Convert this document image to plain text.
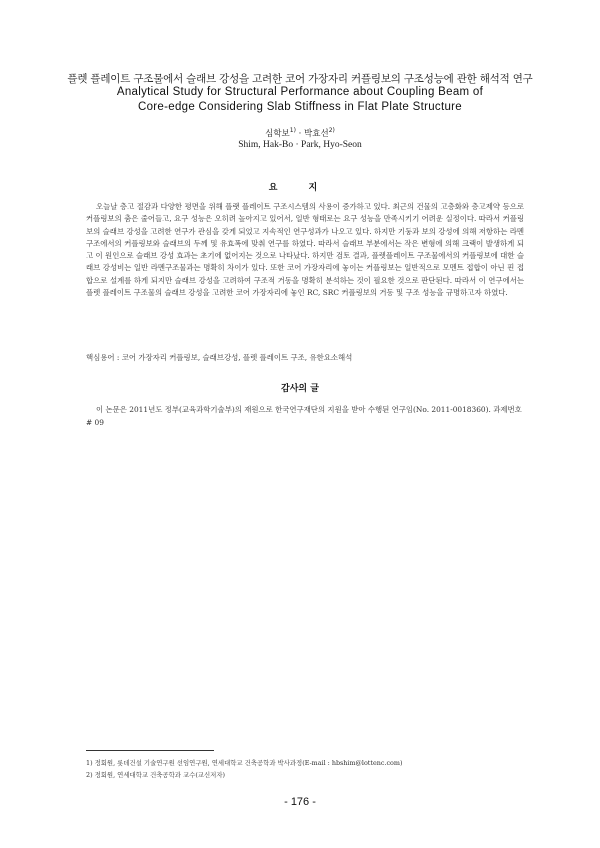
플렛 플레이트 구조물에서 슬래브 강성을 고려한 코어 가장자리 커플링보의 구조성능에 관한 해석적 연구
Analytical Study for Structural Performance about Coupling Beam of
Core-edge Considering Slab Stiffness in Flat Plate Structure
심학보$^{1)}$ · 박효선$^{2)}$
Shim, Hak-Bo · Park, Hyo-Seon
요 지

오늘날 층고 절감과 다양한 평면을 위해 플랫 플레이트 구조시스템의 사용이 증가하고 있다. 최근의 건물의 고층화와 층고제약 등으로 커플링보의 춤은 줄어들고, 요구 성능은 오히려 높아지고 있어서, 일반 형태로는 요구 성능을 만족시키기 어려운 실정이다. 따라서 커플링보의 슬래브 강성을 고려한 연구가 관심을 갖게 되었고 지속적인 연구성과가 나오고 있다. 하지만 기둥과 보의 강성에 의해 저항하는 라멘구조에서의 커플링보와 슬래브의 두께 및 유효폭에 맞춰 연구를 하였다. 따라서 슬래브 부분에서는 작은 변형에 의해 크랙이 발생하게 되고 이 원인으로 슬래브 강성 효과는 초기에 없어지는 것으로 나타났다. 하지만 검토 결과, 플렛플레이트 구조물에서의 커플링보에 대한 슬래브 강성비는 일반 라멘구조물과는 명확히 차이가 있다. 또한 코어 가장자리에 놓이는 커플링보는 일반적으로 모멘트 접합이 아닌 핀 접합으로 설계를 하게 되지만 슬래브 강성을 고려하여 구조적 거동을 명확히 분석하는 것이 필요한 것으로 판단된다. 따라서 이 연구에서는 플렛 플레이트 구조물의 슬래브 강성을 고려한 코어 가장자리에 놓인 RC, SRC 커플링보의 거동 및 구조 성능을 규명하고자 하였다.

핵심용어 : 코어 가장자리 커플링보, 슬래브강성, 플렛 플레이트 구조, 유한요소해석
감사의 글

이 논문은 2011년도 정부(교육과학기술부)의 재원으로 한국연구재단의 지원을 받아 수행된 연구임(No. 2011-0018360). 과제번호# 09

1) 정회원, 롯데건설 기술연구원 선임연구원, 연세대학교 건축공학과 박사과정(E-mail : hbshim@lottenc.com)
2) 정회원, 연세대학교 건축공학과 교수(교신저자)
- 176 -
